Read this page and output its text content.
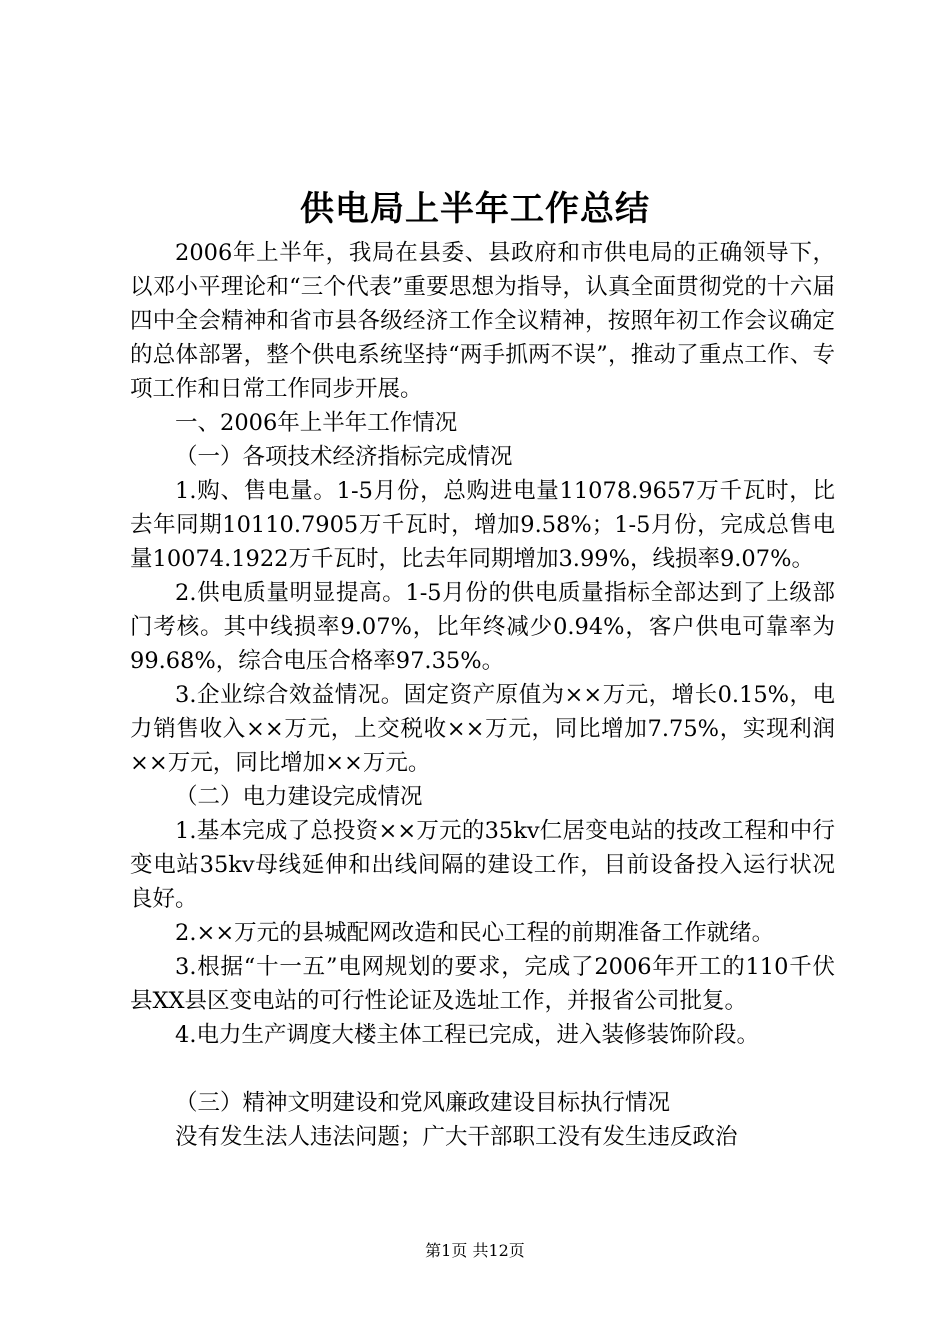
供电局上半年工作总结

2006年上半年，我局在县委、县政府和市供电局的正确领导下，以邓小平理论和“三个代表”重要思想为指导，认真全面贯彻党的十六届四中全会精神和省市县各级经济工作全议精神，按照年初工作会议确定的总体部署，整个供电系统坚持“两手抓两不误”，推动了重点工作、专项工作和日常工作同步开展。

一、2006年上半年工作情况

（一）各项技术经济指标完成情况

1.购、售电量。1-5月份，总购进电量11078.9657万千瓦时，比去年同期10110.7905万千瓦时，增加9.58%；1-5月份，完成总售电量10074.1922万千瓦时，比去年同期增加3.99%，线损率9.07%。

2.供电质量明显提高。1-5月份的供电质量指标全部达到了上级部门考核。其中线损率9.07%，比年终减少0.94%，客户供电可靠率为99.68%，综合电压合格率97.35%。

3.企业综合效益情况。固定资产原值为××万元，增长0.15%，电力销售收入××万元，上交税收××万元，同比增加7.75%，实现利润××万元，同比增加××万元。

（二）电力建设完成情况

1.基本完成了总投资××万元的35kv仁居变电站的技改工程和中行变电站35kv母线延伸和出线间隔的建设工作，目前设备投入运行状况良好。

2.××万元的县城配网改造和民心工程的前期准备工作就绪。

3.根据“十一五”电网规划的要求，完成了2006年开工的110千伏县XX县区变电站的可行性论证及选址工作，并报省公司批复。

4.电力生产调度大楼主体工程已完成，进入装修装饰阶段。

（三）精神文明建设和党风廉政建设目标执行情况

没有发生法人违法问题；广大干部职工没有发生违反政治

第1页 共12页
